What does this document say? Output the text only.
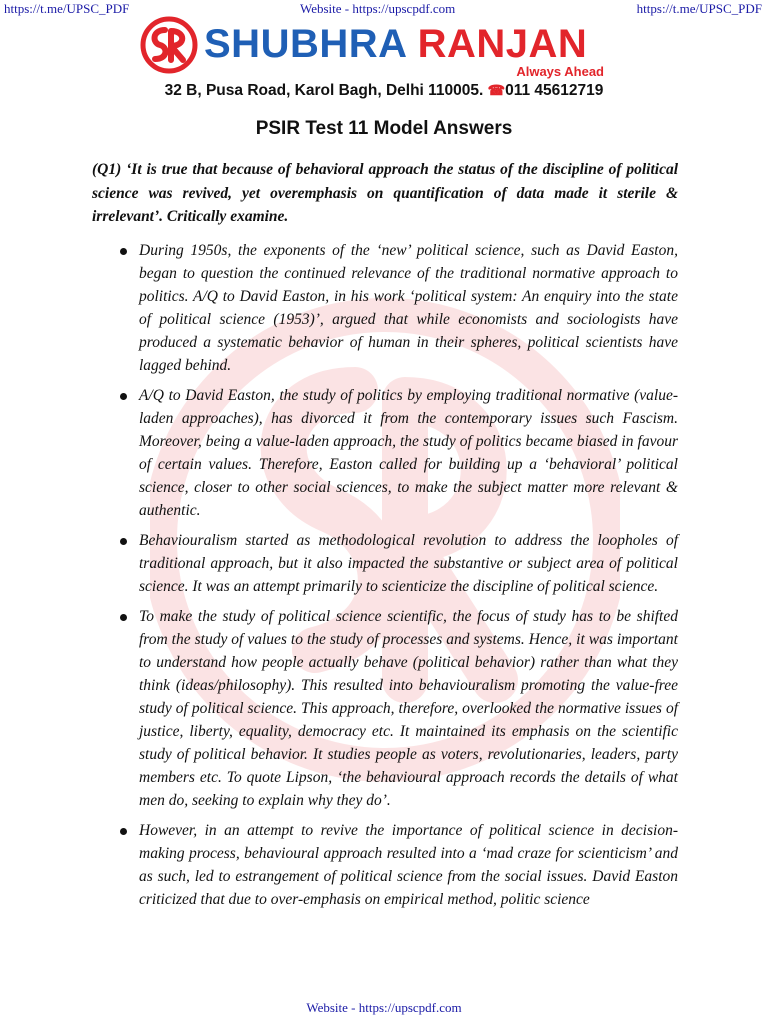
https://t.me/UPSC_PDF	Website - https://upscpdf.com	https://t.me/UPSC_PDF
SHUBHRA RANJAN
Always Ahead
32 B, Pusa Road, Karol Bagh, Delhi 110005. ☎011 45612719
PSIR Test 11 Model Answers

(Q1) ‘It is true that because of behavioral approach the status of the discipline of political science was revived, yet overemphasis on quantification of data made it sterile & irrelevant’. Critically examine.

During 1950s, the exponents of the ‘new’ political science, such as David Easton, began to question the continued relevance of the traditional normative approach to politics. A/Q to David Easton, in his work ‘political system: An enquiry into the state of political science (1953)’, argued that while economists and sociologists have produced a systematic behavior of human in their spheres, political scientists have lagged behind.
A/Q to David Easton, the study of politics by employing traditional normative (value-laden approaches), has divorced it from the contemporary issues such Fascism. Moreover, being a value-laden approach, the study of politics became biased in favour of certain values. Therefore, Easton called for building up a ‘behavioral’ political science, closer to other social sciences, to make the subject matter more relevant & authentic.
Behaviouralism started as methodological revolution to address the loopholes of traditional approach, but it also impacted the substantive or subject area of political science. It was an attempt primarily to scienticize the discipline of political science.
To make the study of political science scientific, the focus of study has to be shifted from the study of values to the study of processes and systems. Hence, it was important to understand how people actually behave (political behavior) rather than what they think (ideas/philosophy). This resulted into behaviouralism promoting the value-free study of political science. This approach, therefore, overlooked the normative issues of justice, liberty, equality, democracy etc. It maintained its emphasis on the scientific study of political behavior. It studies people as voters, revolutionaries, leaders, party members etc. To quote Lipson, ‘the behavioural approach records the details of what men do, seeking to explain why they do’.
However, in an attempt to revive the importance of political science in decision-making process, behavioural approach resulted into a ‘mad craze for scienticism’ and as such, led to estrangement of political science from the social issues. David Easton criticized that due to over-emphasis on empirical method, politic science
Website - https://upscpdf.com
